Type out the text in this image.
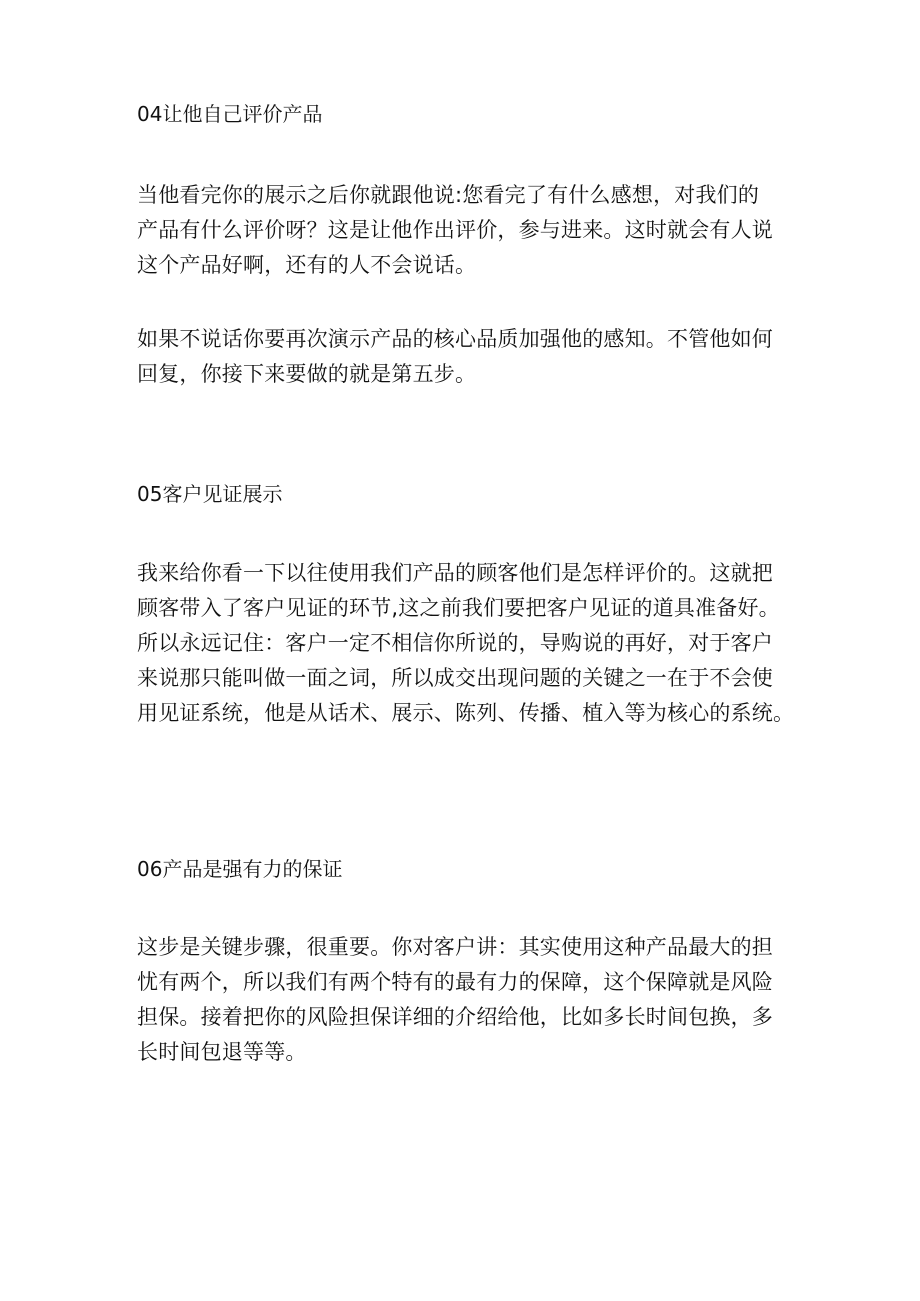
04让他自己评价产品
当他看完你的展示之后你就跟他说:您看完了有什么感想，对我们的
产品有什么评价呀？这是让他作出评价，参与进来。这时就会有人说
这个产品好啊，还有的人不会说话。
如果不说话你要再次演示产品的核心品质加强他的感知。不管他如何
回复，你接下来要做的就是第五步。
05客户见证展示
我来给你看一下以往使用我们产品的顾客他们是怎样评价的。这就把
顾客带入了客户见证的环节,这之前我们要把客户见证的道具准备好。
所以永远记住：客户一定不相信你所说的，导购说的再好，对于客户
来说那只能叫做一面之词，所以成交出现问题的关键之一在于不会使
用见证系统，他是从话术、展示、陈列、传播、植入等为核心的系统。
06产品是强有力的保证
这步是关键步骤，很重要。你对客户讲：其实使用这种产品最大的担
忧有两个，所以我们有两个特有的最有力的保障，这个保障就是风险
担保。接着把你的风险担保详细的介绍给他，比如多长时间包换，多
长时间包退等等。
